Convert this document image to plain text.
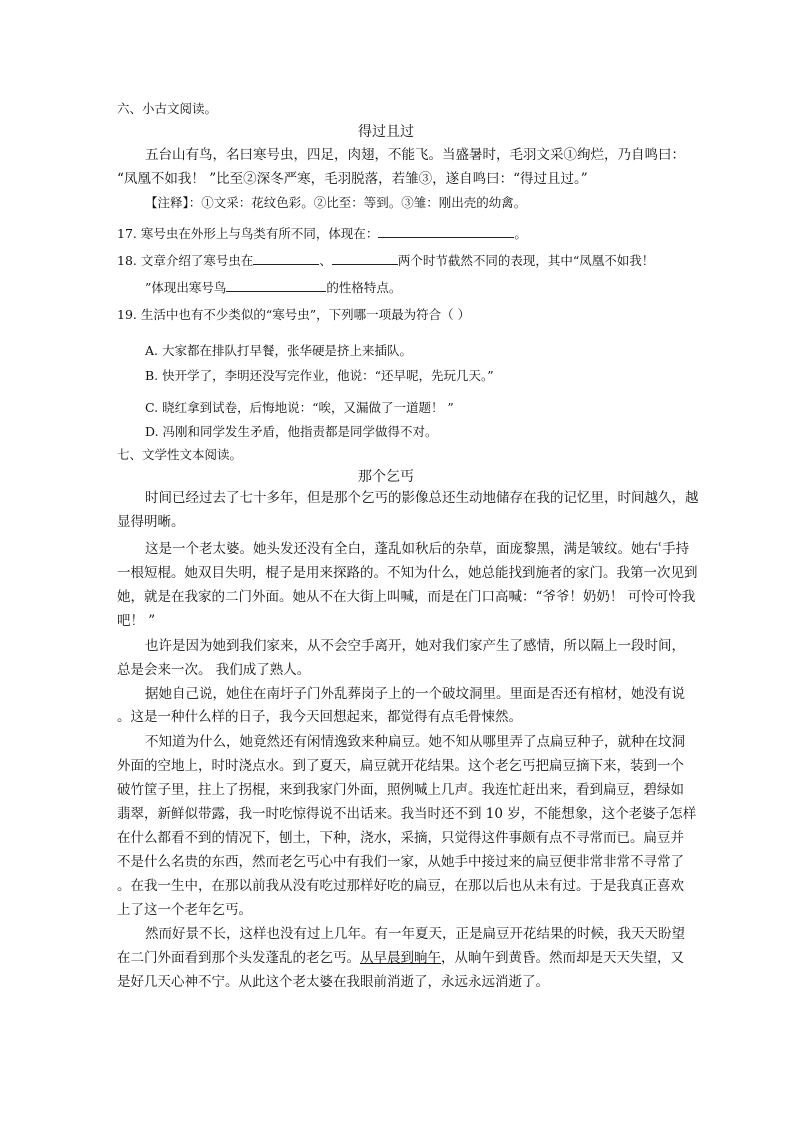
六、小古文阅读。
得过且过
五台山有鸟，名曰寒号虫，四足，肉翅，不能飞。当盛暑时，毛羽文采①绚烂，乃自鸣曰：
“凤凰不如我！ ”比至②深冬严寒，毛羽脱落，若雏③，遂自鸣曰：“得过且过。”
【注释】：①文采：花纹色彩。②比至：等到。③雏：刚出壳的幼禽。
17. 寒号虫在外形上与鸟类有所不同，体现在：	。
18. 文章介绍了寒号虫在	、	两个时节截然不同的表现，其中“凤凰不如我！
”体现出寒号鸟	的性格特点。
19. 生活中也有不少类似的“寒号虫”，下列哪一项最为符合（ ）
A. 大家都在排队打早餐，张华硬是挤上来插队。
B. 快开学了，李明还没写完作业，他说：“还早呢，先玩几天。”
C. 晓红拿到试卷，后悔地说：“唉，又漏做了一道题！ ”
D. 冯刚和同学发生矛盾，他指责都是同学做得不对。
七、文学性文本阅读。
那个乞丐
时间已经过去了七十多年，但是那个乞丐的影像总还生动地储存在我的记忆里，时间越久，越
显得明晰。
这是一个老太婆。她头发还没有全白，蓬乱如秋后的杂草，面庞黎黑，满是皱纹。她右ʿ手持
一根短棍。她双目失明，棍子是用来探路的。不知为什么，她总能找到施者的家门。我第一次见到
她，就是在我家的二门外面。她从不在大街上叫喊，而是在门口高喊：“爷爷！奶奶！ 可怜可怜我
吧！ ”
也许是因为她到我们家来，从不会空手离开，她对我们家产生了感情，所以隔上一段时间，
总是会来一次。 我们成了熟人。
据她自己说，她住在南圩子门外乱葬岗子上的一个破坟洞里。里面是否还有棺材，她没有说
。这是一种什么样的日子，我今天回想起来，都觉得有点毛骨悚然。
不知道为什么，她竟然还有闲情逸致来种扁豆。她不知从哪里弄了点扁豆种子，就种在坟洞
外面的空地上，时时浇点水。到了夏天，扁豆就开花结果。这个老乞丐把扁豆摘下来，装到一个
破竹筐子里，拄上了拐棍，来到我家门外面，照例喊上几声。我连忙赶出来，看到扁豆，碧绿如
翡翠，新鲜似带露，我一时吃惊得说不出话来。我当时还不到 10 岁，不能想象，这个老婆子怎样
在什么都看不到的情况下，刨土，下种，浇水，采摘，只觉得这件事颇有点不寻常而已。扁豆并
不是什么名贵的东西，然而老乞丐心中有我们一家，从她手中接过来的扁豆便非常非常不寻常了
。在我一生中，在那以前我从没有吃过那样好吃的扁豆，在那以后也从未有过。于是我真正喜欢
上了这一个老年乞丐。
然而好景不长，这样也没有过上几年。有一年夏天，正是扁豆开花结果的时候，我天天盼望
在二门外面看到那个头发蓬乱的老乞丐。从早晨到晌午，从晌午到黄昏。然而却是天天失望，又
是好几天心神不宁。从此这个老太婆在我眼前消逝了，永远永远消逝了。
